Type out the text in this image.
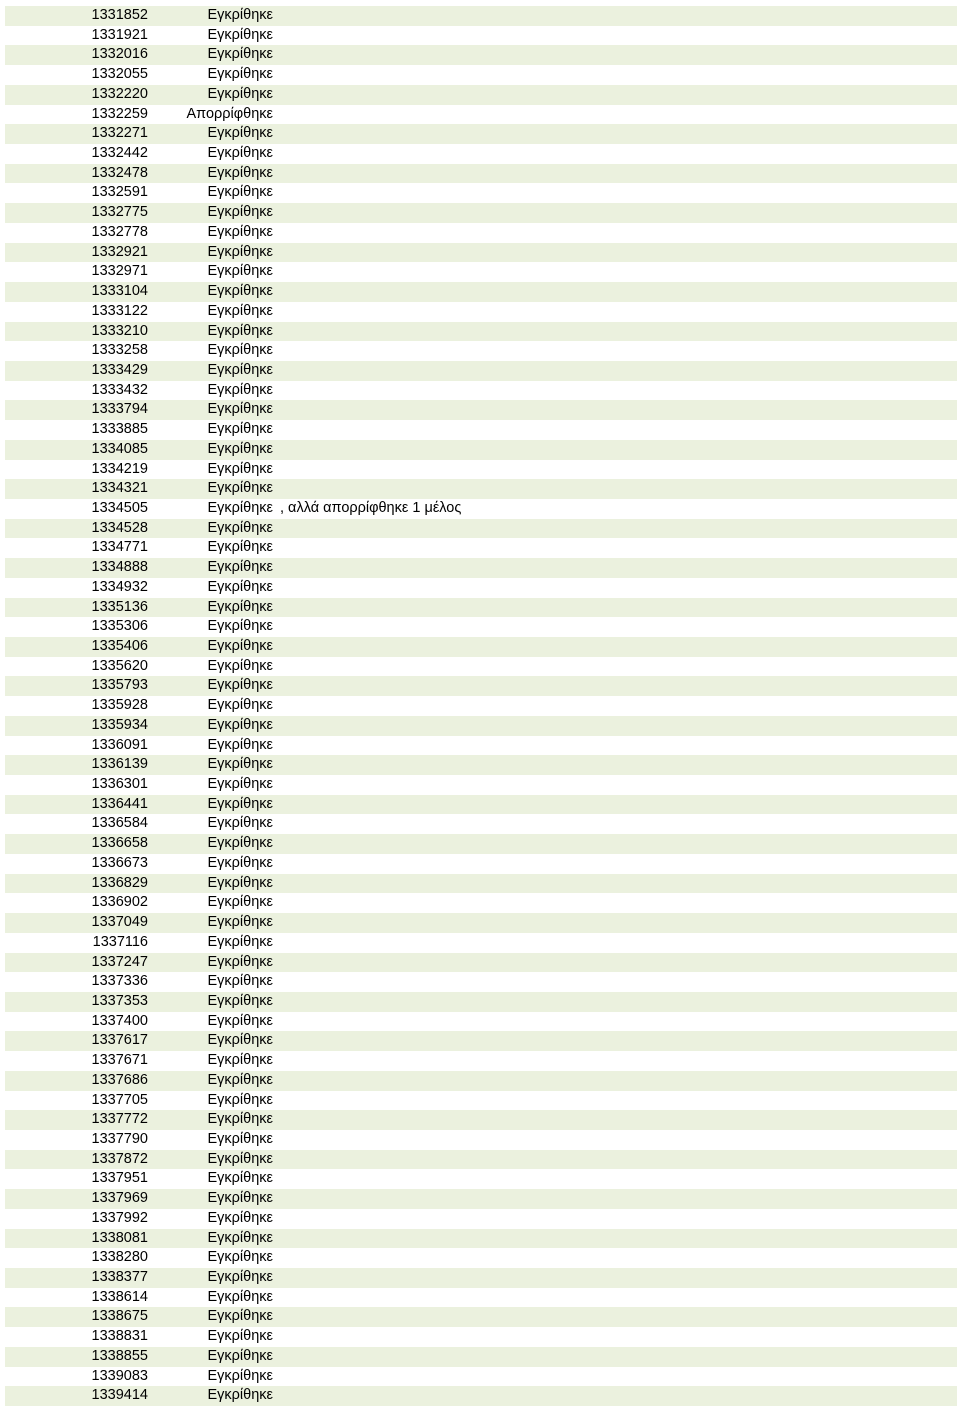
1331852	Εγκρίθηκε
1331921	Εγκρίθηκε
1332016	Εγκρίθηκε
1332055	Εγκρίθηκε
1332220	Εγκρίθηκε
1332259	Απορρίφθηκε
1332271	Εγκρίθηκε
1332442	Εγκρίθηκε
1332478	Εγκρίθηκε
1332591	Εγκρίθηκε
1332775	Εγκρίθηκε
1332778	Εγκρίθηκε
1332921	Εγκρίθηκε
1332971	Εγκρίθηκε
1333104	Εγκρίθηκε
1333122	Εγκρίθηκε
1333210	Εγκρίθηκε
1333258	Εγκρίθηκε
1333429	Εγκρίθηκε
1333432	Εγκρίθηκε
1333794	Εγκρίθηκε
1333885	Εγκρίθηκε
1334085	Εγκρίθηκε
1334219	Εγκρίθηκε
1334321	Εγκρίθηκε
1334505	Εγκρίθηκε , αλλά απορρίφθηκε 1 μέλος
1334528	Εγκρίθηκε
1334771	Εγκρίθηκε
1334888	Εγκρίθηκε
1334932	Εγκρίθηκε
1335136	Εγκρίθηκε
1335306	Εγκρίθηκε
1335406	Εγκρίθηκε
1335620	Εγκρίθηκε
1335793	Εγκρίθηκε
1335928	Εγκρίθηκε
1335934	Εγκρίθηκε
1336091	Εγκρίθηκε
1336139	Εγκρίθηκε
1336301	Εγκρίθηκε
1336441	Εγκρίθηκε
1336584	Εγκρίθηκε
1336658	Εγκρίθηκε
1336673	Εγκρίθηκε
1336829	Εγκρίθηκε
1336902	Εγκρίθηκε
1337049	Εγκρίθηκε
1337116	Εγκρίθηκε
1337247	Εγκρίθηκε
1337336	Εγκρίθηκε
1337353	Εγκρίθηκε
1337400	Εγκρίθηκε
1337617	Εγκρίθηκε
1337671	Εγκρίθηκε
1337686	Εγκρίθηκε
1337705	Εγκρίθηκε
1337772	Εγκρίθηκε
1337790	Εγκρίθηκε
1337872	Εγκρίθηκε
1337951	Εγκρίθηκε
1337969	Εγκρίθηκε
1337992	Εγκρίθηκε
1338081	Εγκρίθηκε
1338280	Εγκρίθηκε
1338377	Εγκρίθηκε
1338614	Εγκρίθηκε
1338675	Εγκρίθηκε
1338831	Εγκρίθηκε
1338855	Εγκρίθηκε
1339083	Εγκρίθηκε
1339414	Εγκρίθηκε
